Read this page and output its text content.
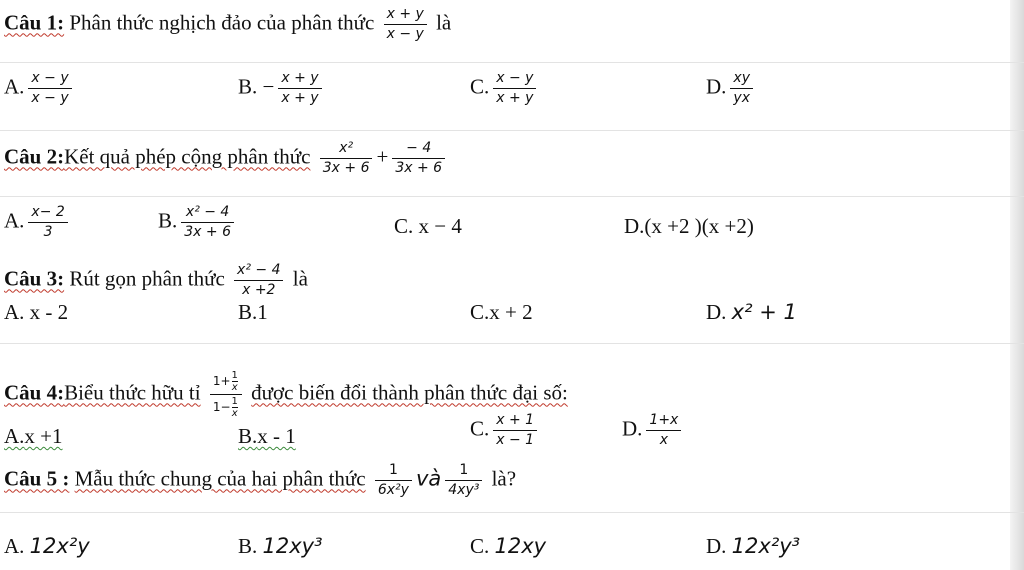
Câu 1: Phân thức nghịch đảo của phân thức $\frac{x + y}{x - y}$ là
A. $\frac{x - y}{x - y}$	B. − $\frac{x + y}{x + y}$	C. $\frac{x - y}{x + y}$	D. $\frac{xy}{yx}$
Câu 2:Kết quả phép cộng phân thức $\frac{\text{x²}}{3x + 6} + \frac{- 4}{3x + 6}$
A. $\frac{x- 2}{3}$	B. $\frac{\text{x² − 4}}{3x + 6}$	C. x − 4	D.(x +2 )(x +2)
Câu 3: Rút gọn phân thức $\frac{\text{x² − 4}}{x +2}$ là
A. x - 2	B.1	C.x + 2	D. x² + 1
Câu 4:Biểu thức hữu tỉ $\frac{1+ \frac{1}{x}}{1- \frac{1}{x}}$ được biến đổi thành phân thức đại số:
A.x +1	B.x - 1	C. $\frac{x + 1}{x - 1}$	D. $\frac{1+x}{x}$
Câu 5 : Mẫu thức chung của hai phân thức $\frac{1}{\text{6x²y}}$ và $\frac{1}{\text{4xy³}}$ là?
A. 12x²y	B. 12xy³	C. 12xy	D. 12x²y³
